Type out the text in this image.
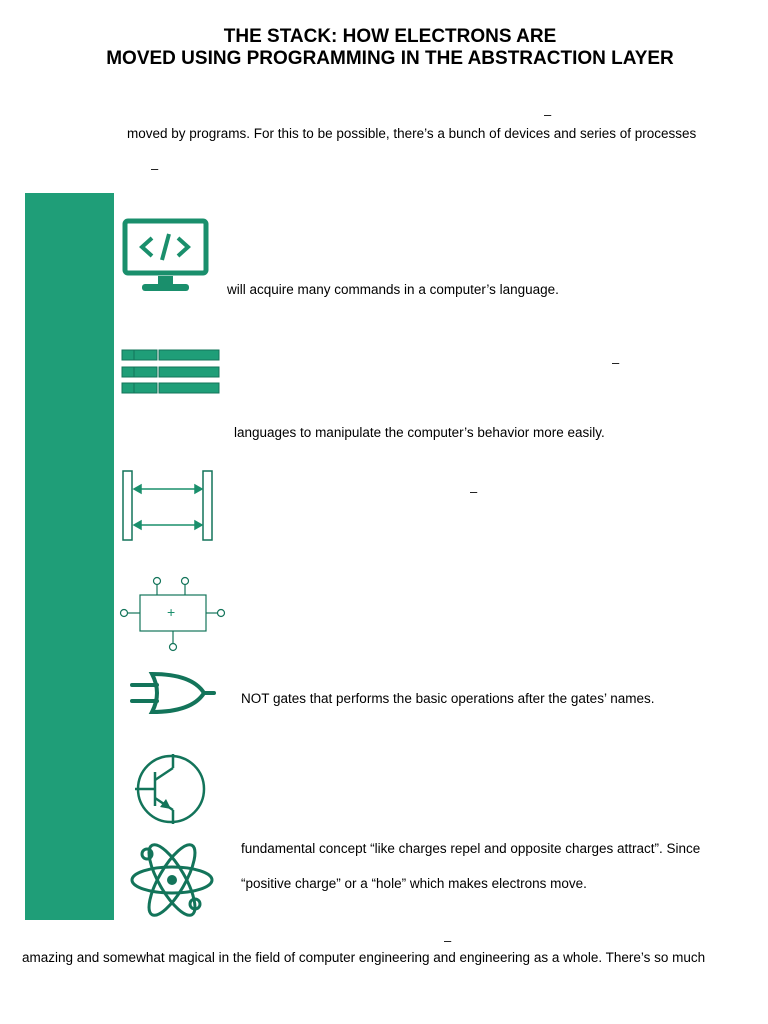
THE STACK: HOW ELECTRONS ARE
MOVED USING PROGRAMMING IN THE ABSTRACTION LAYER
–
moved by programs. For this to be possible, there’s a bunch of devices and series of processes
–
will acquire many commands in a computer’s language.
–
languages to manipulate the computer’s behavior more easily.
–
+
NOT gates that performs the basic operations after the gates’ names.
fundamental concept “like charges repel and opposite charges attract”. Since
“positive charge” or a “hole” which makes electrons move.
–
amazing and somewhat magical in the field of computer engineering and engineering as a whole. There’s so much
